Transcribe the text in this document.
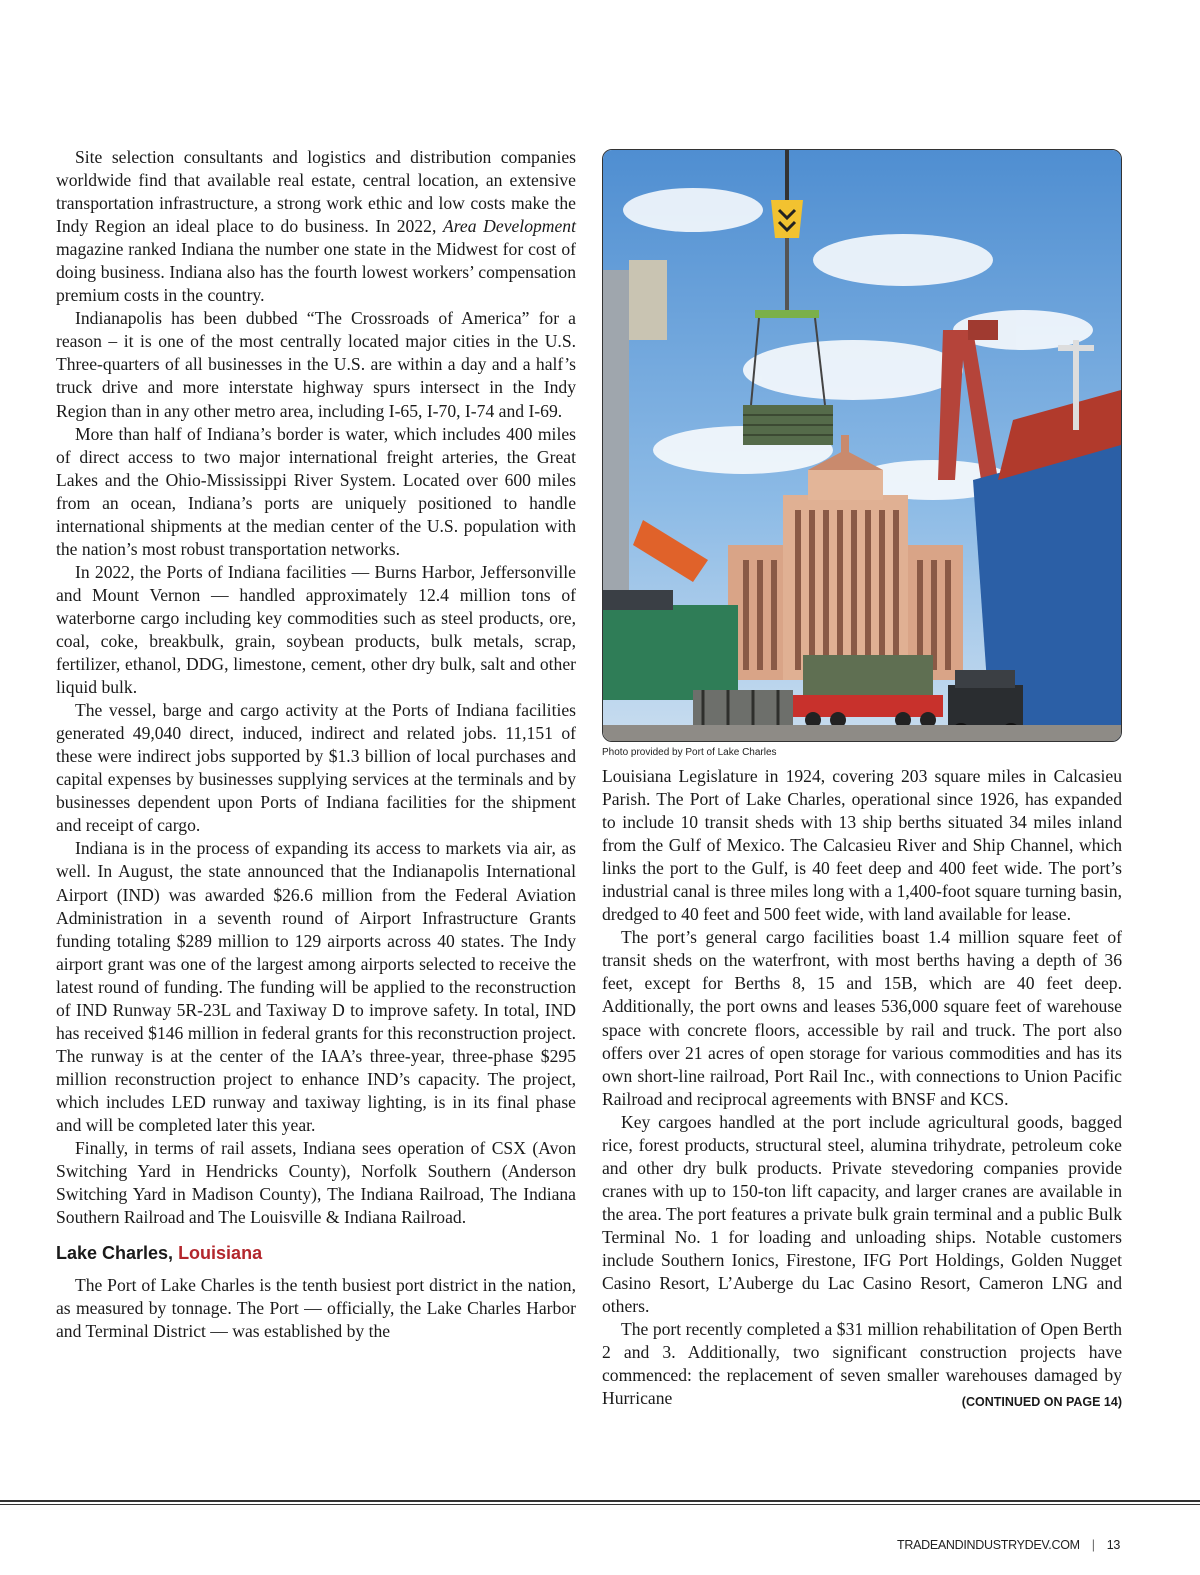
Site selection consultants and logistics and distribution companies worldwide find that available real estate, central location, an extensive transportation infrastructure, a strong work ethic and low costs make the Indy Region an ideal place to do business. In 2022, Area Development magazine ranked Indiana the number one state in the Midwest for cost of doing business. Indiana also has the fourth lowest workers’ compensation premium costs in the country.

Indianapolis has been dubbed “The Crossroads of America” for a reason – it is one of the most centrally located major cities in the U.S. Three-quarters of all businesses in the U.S. are within a day and a half’s truck drive and more interstate highway spurs intersect in the Indy Region than in any other metro area, including I-65, I-70, I-74 and I-69.

More than half of Indiana’s border is water, which includes 400 miles of direct access to two major international freight arteries, the Great Lakes and the Ohio-Mississippi River System. Located over 600 miles from an ocean, Indiana’s ports are uniquely positioned to handle international shipments at the median center of the U.S. population with the nation’s most robust transportation networks.

In 2022, the Ports of Indiana facilities — Burns Harbor, Jeffersonville and Mount Vernon — handled approximately 12.4 million tons of waterborne cargo including key commodities such as steel products, ore, coal, coke, breakbulk, grain, soybean products, bulk metals, scrap, fertilizer, ethanol, DDG, limestone, cement, other dry bulk, salt and other liquid bulk.

The vessel, barge and cargo activity at the Ports of Indiana facilities generated 49,040 direct, induced, indirect and related jobs. 11,151 of these were indirect jobs supported by $1.3 billion of local purchases and capital expenses by businesses supplying services at the terminals and by businesses dependent upon Ports of Indiana facilities for the shipment and receipt of cargo.

Indiana is in the process of expanding its access to markets via air, as well. In August, the state announced that the Indianapolis International Airport (IND) was awarded $26.6 million from the Federal Aviation Administration in a seventh round of Airport Infrastructure Grants funding totaling $289 million to 129 airports across 40 states. The Indy airport grant was one of the largest among airports selected to receive the latest round of funding. The funding will be applied to the reconstruction of IND Runway 5R-23L and Taxiway D to improve safety. In total, IND has received $146 million in federal grants for this reconstruction project. The runway is at the center of the IAA’s three-year, three-phase $295 million reconstruction project to enhance IND’s capacity. The project, which includes LED runway and taxiway lighting, is in its final phase and will be completed later this year.

Finally, in terms of rail assets, Indiana sees operation of CSX (Avon Switching Yard in Hendricks County), Norfolk Southern (Anderson Switching Yard in Madison County), The Indiana Railroad, The Indiana Southern Railroad and The Louisville & Indiana Railroad.

Lake Charles, Louisiana

The Port of Lake Charles is the tenth busiest port district in the nation, as measured by tonnage. The Port — officially, the Lake Charles Harbor and Terminal District — was established by the

Photo provided by Port of Lake Charles

Louisiana Legislature in 1924, covering 203 square miles in Calcasieu Parish. The Port of Lake Charles, operational since 1926, has expanded to include 10 transit sheds with 13 ship berths situated 34 miles inland from the Gulf of Mexico. The Calcasieu River and Ship Channel, which links the port to the Gulf, is 40 feet deep and 400 feet wide. The port’s industrial canal is three miles long with a 1,400-foot square turning basin, dredged to 40 feet and 500 feet wide, with land available for lease.

The port’s general cargo facilities boast 1.4 million square feet of transit sheds on the waterfront, with most berths having a depth of 36 feet, except for Berths 8, 15 and 15B, which are 40 feet deep. Additionally, the port owns and leases 536,000 square feet of warehouse space with concrete floors, accessible by rail and truck. The port also offers over 21 acres of open storage for various commodities and has its own short-line railroad, Port Rail Inc., with connections to Union Pacific Railroad and reciprocal agreements with BNSF and KCS.

Key cargoes handled at the port include agricultural goods, bagged rice, forest products, structural steel, alumina trihydrate, petroleum coke and other dry bulk products. Private stevedoring companies provide cranes with up to 150-ton lift capacity, and larger cranes are available in the area. The port features a private bulk grain terminal and a public Bulk Terminal No. 1 for loading and unloading ships. Notable customers include Southern Ionics, Firestone, IFG Port Holdings, Golden Nugget Casino Resort, L’Auberge du Lac Casino Resort, Cameron LNG and others.

The port recently completed a $31 million rehabilitation of Open Berth 2 and 3. Additionally, two significant construction projects have commenced: the replacement of seven smaller warehouses damaged by Hurricane	(CONTINUED ON PAGE 14)

TRADEANDINDUSTRYDEV.COM | 13
